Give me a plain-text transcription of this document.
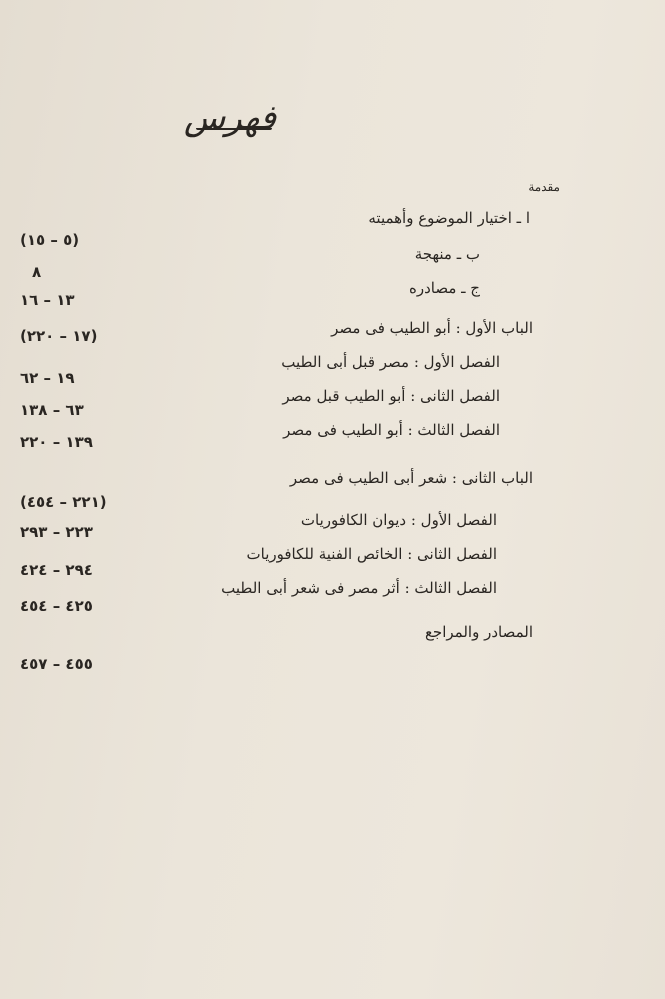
فهرس
مقدمة
ا ـ اختيار الموضوع وأهميته
(٥ – ١٥)
ب ـ منهجة
٨
ج ـ مصادره
١٣ – ١٦
الباب الأول : أبو الطيب فى مصر
(١٧ – ٢٢٠)
الفصل الأول : مصر قبل أبى الطيب
١٩ – ٦٢
الفصل الثانى : أبو الطيب قبل مصر
٦٣ – ١٣٨
الفصل الثالث : أبو الطيب فى مصر
١٣٩ – ٢٢٠
الباب الثانى : شعر أبى الطيب فى مصر
(٢٢١ – ٤٥٤)
الفصل الأول : ديوان الكافوريات
٢٢٣ – ٢٩٣
الفصل الثانى : الخائص الفنية للكافوريات
٢٩٤ – ٤٢٤
الفصل الثالث : أثر مصر فى شعر أبى الطيب
٤٢٥ – ٤٥٤
المصادر والمراجع
٤٥٥ – ٤٥٧
